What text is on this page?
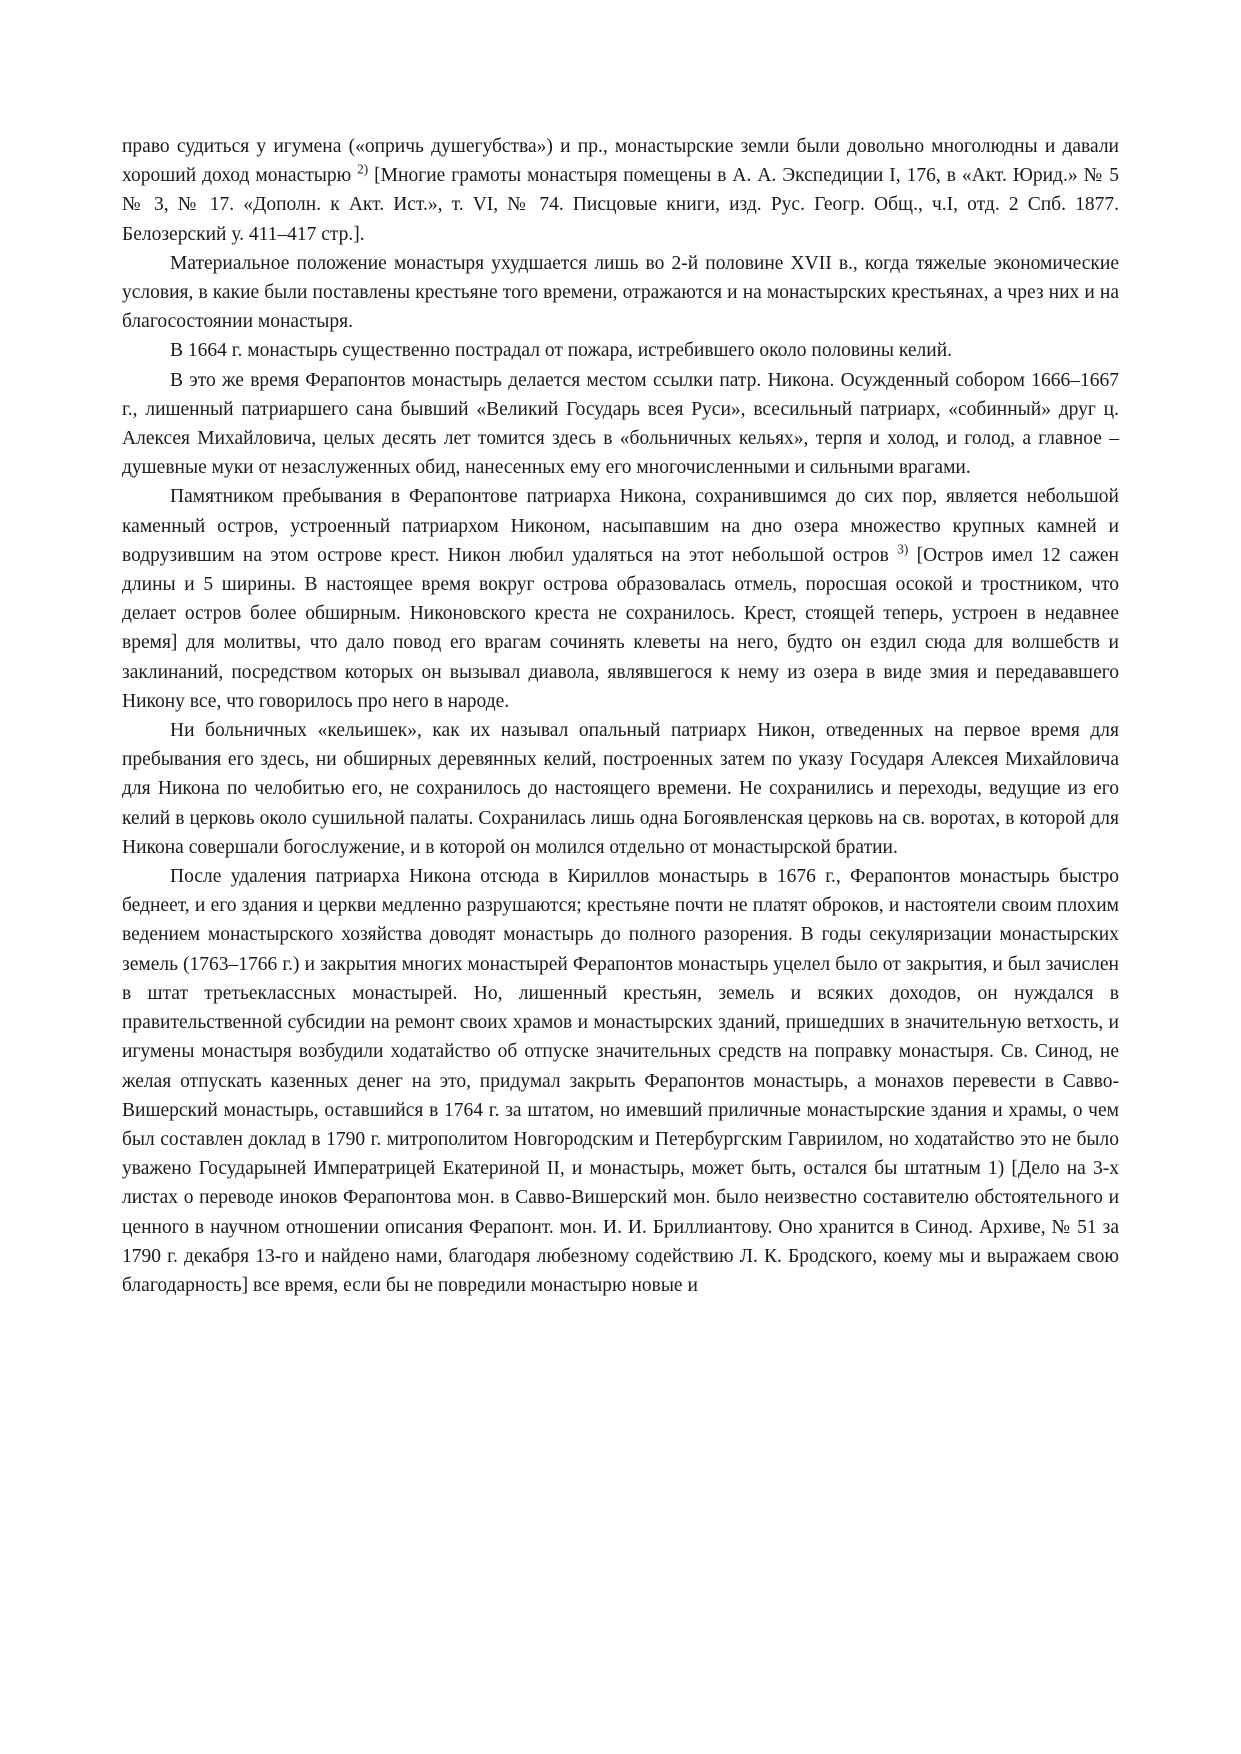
право судиться у игумена («опричь душегубства») и пр., монастырские земли были довольно многолюдны и давали хороший доход монастырю $^{2)}$ [Многие грамоты монастыря помещены в А. А. Экспедиции I, 176, в «Акт. Юрид.» № 5 № 3, № 17. «Дополн. к Акт. Ист.», т. VI, № 74. Писцовые книги, изд. Рус. Геогр. Общ., ч.I, отд. 2 Спб. 1877. Белозерский у. 411–417 стр.].

Материальное положение монастыря ухудшается лишь во 2-й половине XVII в., когда тяжелые экономические условия, в какие были поставлены крестьяне того времени, отражаются и на монастырских крестьянах, а чрез них и на благосостоянии монастыря.

В 1664 г. монастырь существенно пострадал от пожара, истребившего около половины келий.

В это же время Ферапонтов монастырь делается местом ссылки патр. Никона. Осужденный собором 1666–1667 г., лишенный патриаршего сана бывший «Великий Государь всея Руси», всесильный патриарх, «собинный» друг ц. Алексея Михайловича, целых десять лет томится здесь в «больничных кельях», терпя и холод, и голод, а главное – душевные муки от незаслуженных обид, нанесенных ему его многочисленными и сильными врагами.

Памятником пребывания в Ферапонтове патриарха Никона, сохранившимся до сих пор, является небольшой каменный остров, устроенный патриархом Никоном, насыпавшим на дно озера множество крупных камней и водрузившим на этом острове крест. Никон любил удаляться на этот небольшой остров $^{3)}$ [Остров имел 12 сажен длины и 5 ширины. В настоящее время вокруг острова образовалась отмель, поросшая осокой и тростником, что делает остров более обширным. Никоновского креста не сохранилось. Крест, стоящей теперь, устроен в недавнее время] для молитвы, что дало повод его врагам сочинять клеветы на него, будто он ездил сюда для волшебств и заклинаний, посредством которых он вызывал диавола, являвшегося к нему из озера в виде змия и передававшего Никону все, что говорилось про него в народе.

Ни больничных «кельишек», как их называл опальный патриарх Никон, отведенных на первое время для пребывания его здесь, ни обширных деревянных келий, построенных затем по указу Государя Алексея Михайловича для Никона по челобитью его, не сохранилось до настоящего времени. Не сохранились и переходы, ведущие из его келий в церковь около сушильной палаты. Сохранилась лишь одна Богоявленская церковь на св. воротах, в которой для Никона совершали богослужение, и в которой он молился отдельно от монастырской братии.

После удаления патриарха Никона отсюда в Кириллов монастырь в 1676 г., Ферапонтов монастырь быстро беднеет, и его здания и церкви медленно разрушаются; крестьяне почти не платят оброков, и настоятели своим плохим ведением монастырского хозяйства доводят монастырь до полного разорения. В годы секуляризации монастырских земель (1763–1766 г.) и закрытия многих монастырей Ферапонтов монастырь уцелел было от закрытия, и был зачислен в штат третьеклассных монастырей. Но, лишенный крестьян, земель и всяких доходов, он нуждался в правительственной субсидии на ремонт своих храмов и монастырских зданий, пришедших в значительную ветхость, и игумены монастыря возбудили ходатайство об отпуске значительных средств на поправку монастыря. Св. Синод, не желая отпускать казенных денег на это, придумал закрыть Ферапонтов монастырь, а монахов перевести в Савво-Вишерский монастырь, оставшийся в 1764 г. за штатом, но имевший приличные монастырские здания и храмы, о чем был составлен доклад в 1790 г. митрополитом Новгородским и Петербургским Гавриилом, но ходатайство это не было уважено Государыней Императрицей Екатериной II, и монастырь, может быть, остался бы штатным 1) [Дело на 3-х листах о переводе иноков Ферапонтова мон. в Савво-Вишерский мон. было неизвестно составителю обстоятельного и ценного в научном отношении описания Ферапонт. мон. И. И. Бриллиантову. Оно хранится в Синод. Архиве, № 51 за 1790 г. декабря 13-го и найдено нами, благодаря любезному содействию Л. К. Бродского, коему мы и выражаем свою благодарность] все время, если бы не повредили монастырю новые и
